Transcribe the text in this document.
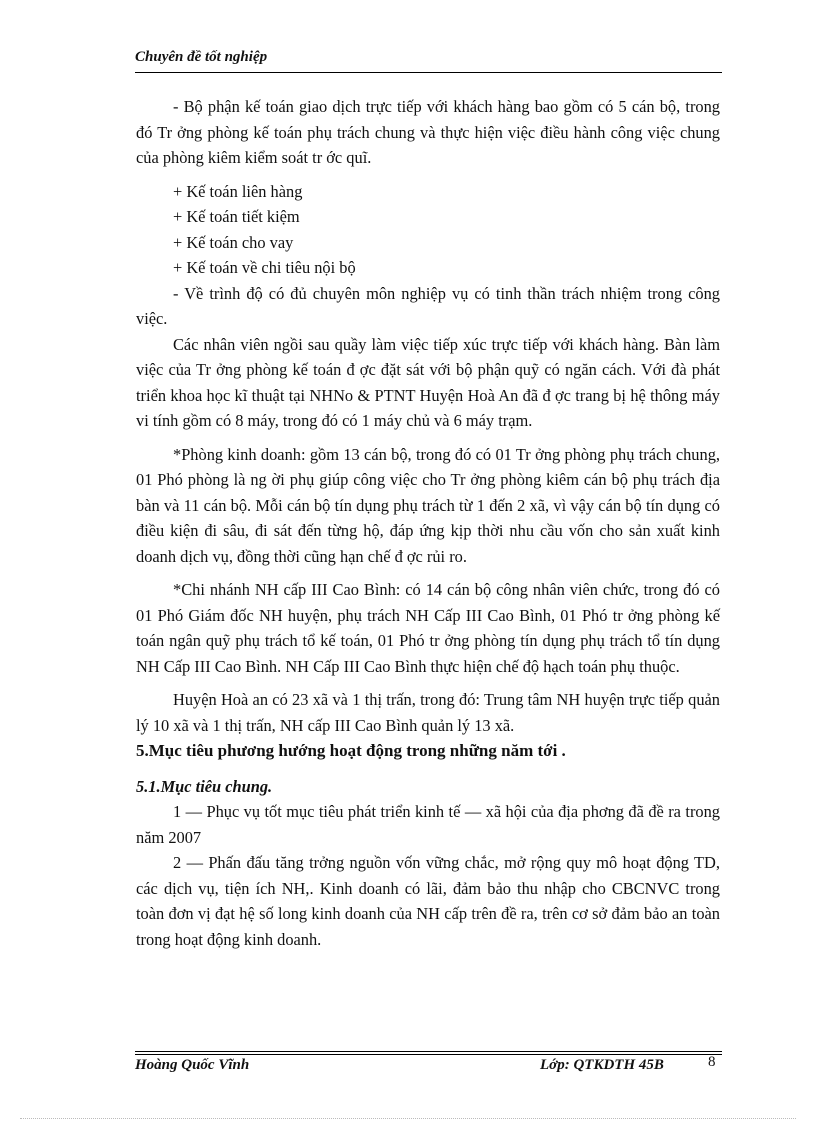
Chuyên đề tốt nghiệp

- Bộ phận kế toán giao dịch trực tiếp với khách hàng bao gồm có 5 cán bộ, trong đó Tr ởng phòng kế toán phụ trách chung và thực hiện việc điều hành công việc chung của phòng kiêm kiểm soát tr ớc quĩ.

+ Kế toán liên hàng

+ Kế toán tiết kiệm

+ Kế toán cho vay

+ Kế toán về chi tiêu nội bộ

- Về trình độ có đủ chuyên môn nghiệp vụ có tinh thần trách nhiệm trong công việc.

Các nhân viên ngồi sau quầy làm việc tiếp xúc trực tiếp với khách hàng. Bàn làm việc của Tr ởng phòng kế toán đ ợc đặt sát với bộ phận quỹ có ngăn cách. Với đà phát triển khoa học kĩ thuật tại NHNo & PTNT Huyện Hoà An đã đ ợc trang bị hệ thông máy vi tính gồm có 8 máy, trong đó có 1 máy chủ và 6 máy trạm.

*Phòng kinh doanh: gồm 13 cán bộ, trong đó có 01 Tr ởng phòng phụ trách chung, 01 Phó phòng là ng ời phụ giúp công việc cho Tr ởng phòng kiêm cán bộ phụ trách địa bàn và 11 cán bộ. Mỗi cán bộ tín dụng phụ trách từ 1 đến 2 xã, vì vậy cán bộ tín dụng có điều kiện đi sâu, đi sát đến từng hộ, đáp ứng kịp thời nhu cầu vốn cho sản xuất kinh doanh dịch vụ, đồng thời cũng hạn chế đ ợc rủi ro.

*Chi nhánh NH cấp III Cao Bình: có 14 cán bộ công nhân viên chức, trong đó có 01 Phó Giám đốc NH huyện, phụ trách NH Cấp III Cao Bình, 01 Phó tr ởng phòng kế toán ngân quỹ phụ trách tổ kế toán, 01 Phó tr ởng phòng tín dụng phụ trách tổ tín dụng NH Cấp III Cao Bình. NH Cấp III Cao Bình thực hiện chế độ hạch toán phụ thuộc.

Huyện Hoà an có 23 xã và 1 thị trấn, trong đó: Trung tâm NH huyện trực tiếp quản lý 10 xã và 1 thị trấn, NH cấp III Cao Bình quản lý 13 xã.

5.Mục tiêu phương hướng hoạt động trong những năm tới .

5.1.Mục tiêu chung.

1 — Phục vụ tốt mục tiêu phát triển kinh tế — xã hội của địa phơng đã đề ra trong năm 2007

2 — Phấn đấu tăng trởng nguồn vốn vững chắc, mở rộng quy mô hoạt động TD, các dịch vụ, tiện ích NH,. Kinh doanh có lãi, đảm bảo thu nhập cho CBCNVC trong toàn đơn vị đạt hệ số long kinh doanh của NH cấp trên đề ra, trên cơ sở đảm bảo an toàn trong hoạt động kinh doanh.

Hoàng Quốc Vĩnh	Lớp: QTKDTH 45B	8
